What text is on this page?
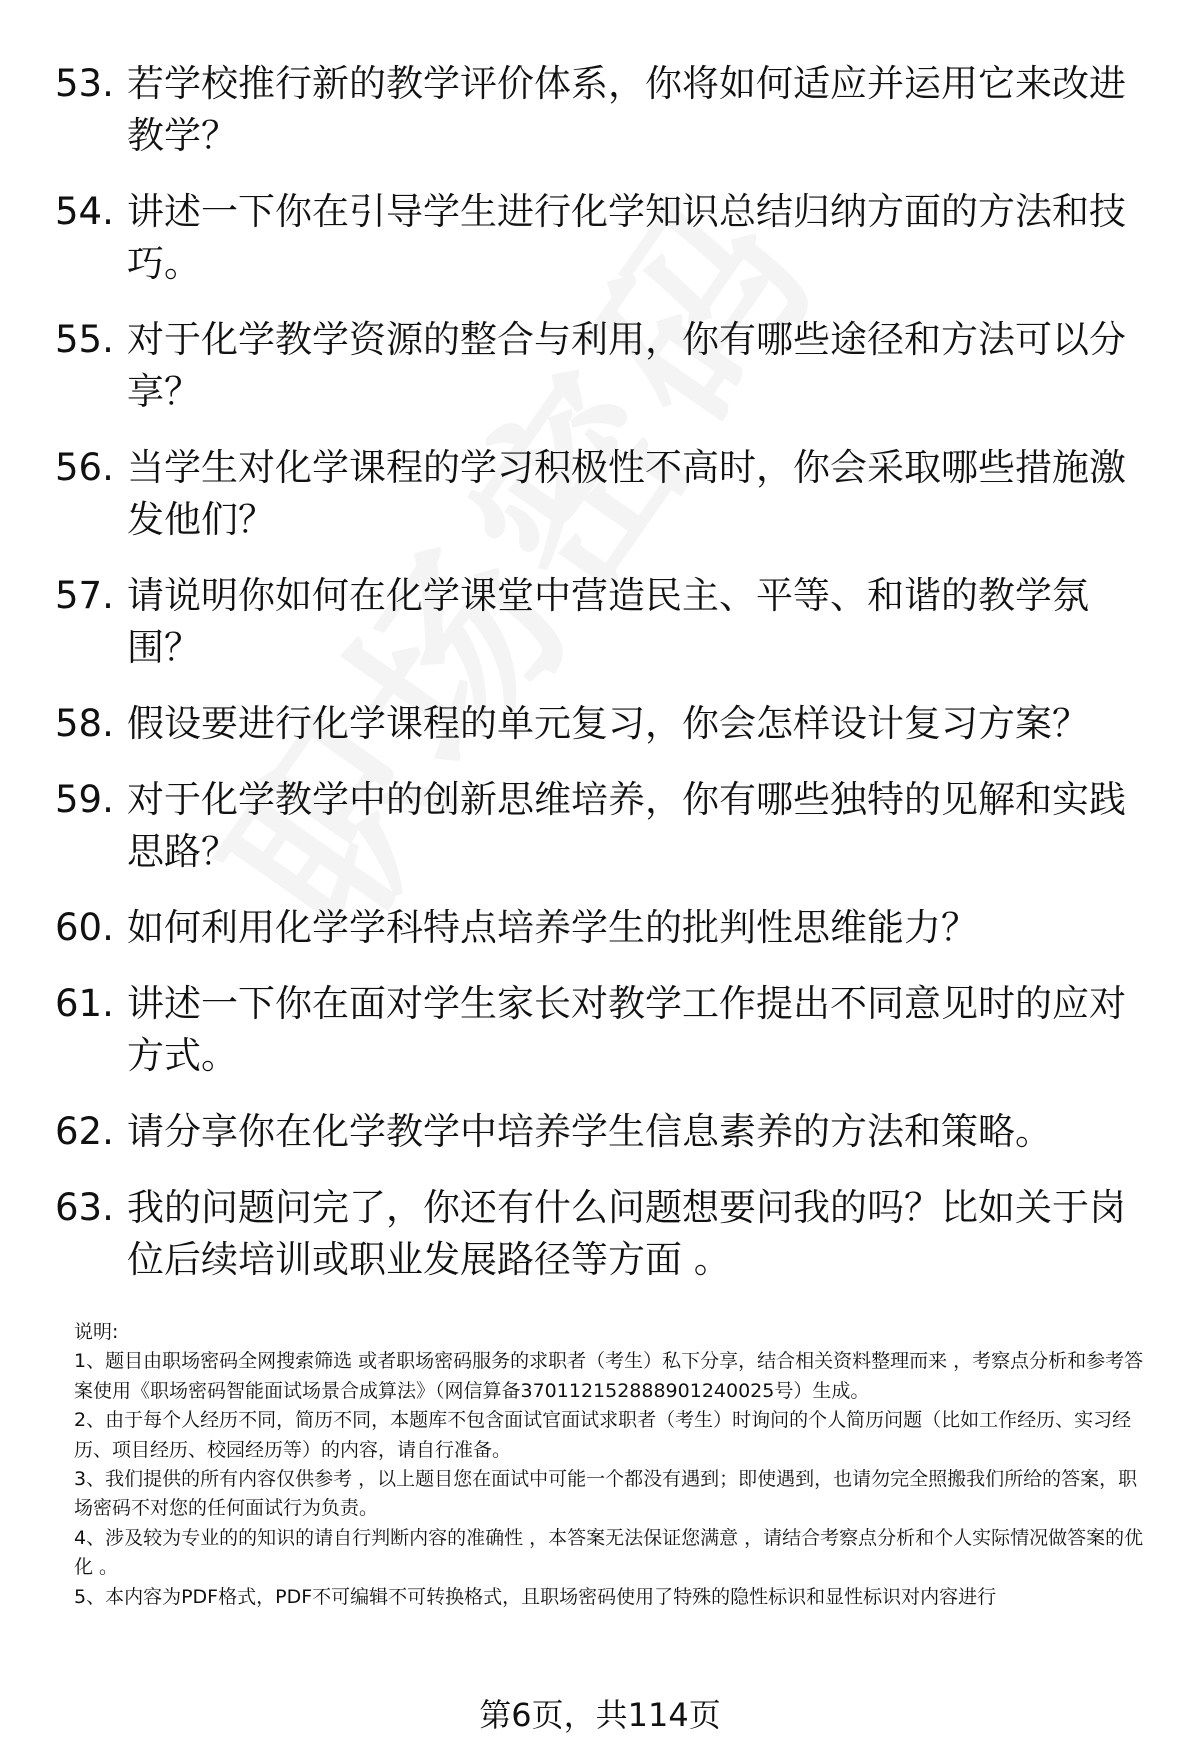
53. 若学校推行新的教学评价体系，你将如何适应并运用它来改进教学？
54. 讲述一下你在引导学生进行化学知识总结归纳方面的方法和技巧。
55. 对于化学教学资源的整合与利用，你有哪些途径和方法可以分享？
56. 当学生对化学课程的学习积极性不高时，你会采取哪些措施激发他们？
57. 请说明你如何在化学课堂中营造民主、平等、和谐的教学氛围？
58. 假设要进行化学课程的单元复习，你会怎样设计复习方案？
59. 对于化学教学中的创新思维培养，你有哪些独特的见解和实践思路？
60. 如何利用化学学科特点培养学生的批判性思维能力？
61. 讲述一下你在面对学生家长对教学工作提出不同意见时的应对方式。
62. 请分享你在化学教学中培养学生信息素养的方法和策略。
63. 我的问题问完了，你还有什么问题想要问我的吗？比如关于岗位后续培训或职业发展路径等方面 。

说明:

1、题目由职场密码全网搜索筛选 或者职场密码服务的求职者（考生）私下分享，结合相关资料整理而来 ，考察点分析和参考答案使用《职场密码智能面试场景合成算法》（网信算备370112152888901240025号）生成。

2、由于每个人经历不同，简历不同，本题库不包含面试官面试求职者（考生）时询问的个人简历问题（比如工作经历、实习经历、项目经历、校园经历等）的内容，请自行准备。

3、我们提供的所有内容仅供参考 ，以上题目您在面试中可能一个都没有遇到；即使遇到，也请勿完全照搬我们所给的答案，职场密码不对您的任何面试行为负责。

4、涉及较为专业的的知识的请自行判断内容的准确性 ，本答案无法保证您满意 ，请结合考察点分析和个人实际情况做答案的优化 。

5、本内容为PDF格式，PDF不可编辑不可转换格式，且职场密码使用了特殊的隐性标识和显性标识对内容进行

第6页，共114页
